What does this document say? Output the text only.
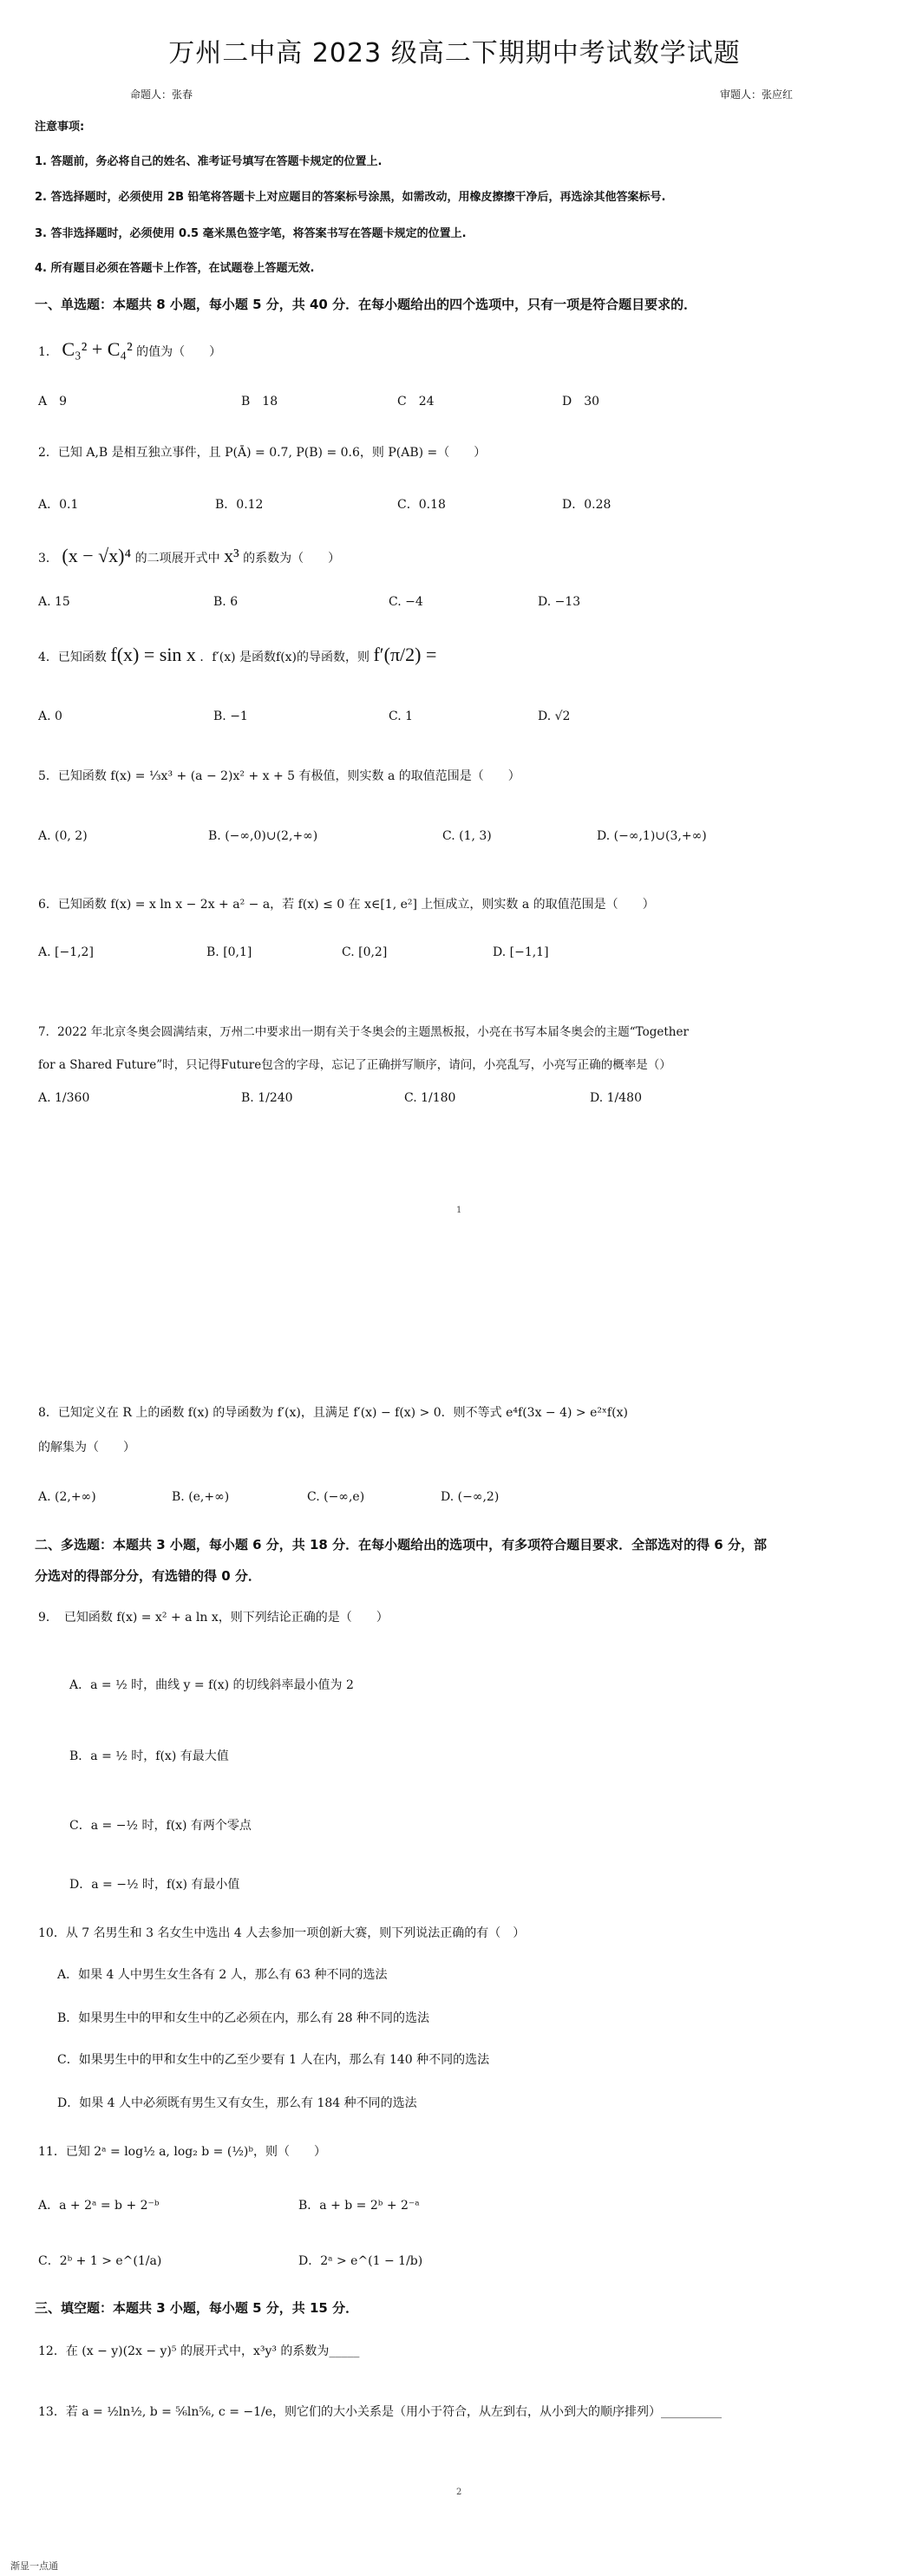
万州二中高 2023 级高二下期期中考试数学试题
命题人：张春	审题人：张应红
注意事项:
1. 答题前，务必将自己的姓名、准考证号填写在答题卡规定的位置上.
2. 答选择题时，必须使用 2B 铅笔将答题卡上对应题目的答案标号涂黑，如需改动，用橡皮擦擦干净后，再选涂其他答案标号.
3. 答非选择题时，必须使用 0.5 毫米黑色签字笔，将答案书写在答题卡规定的位置上.
4. 所有题目必须在答题卡上作答，在试题卷上答题无效.
一、单选题：本题共 8 小题，每小题 5 分，共 40 分．在每小题给出的四个选项中，只有一项是符合题目要求的．
1． C₃² + C₄² 的值为（　　）
A　9	B　18	C　24	D　30
2．已知 A,B 是相互独立事件，且 P(Ā) = 0.7, P(B) = 0.6，则 P(AB) =（　　）
A．0.1	B．0.12	C．0.18	D．0.28
3． (x − √x)⁴ 的二项展开式中 x³ 的系数为（　　）
A. 15	B. 6	C. −4	D. −13
4．已知函数 f(x) = sin x ．f′(x) 是函数f(x)的导函数，则 f′(π/2) =
A. 0	B. −1	C. 1	D. √2
5．已知函数 f(x) = ⅓x³ + (a − 2)x² + x + 5 有极值，则实数 a 的取值范围是（　　）
A. (0, 2)	B. (−∞,0)∪(2,+∞)	C. (1, 3)	D. (−∞,1)∪(3,+∞)
6．已知函数 f(x) = x ln x − 2x + a² − a，若 f(x) ≤ 0 在 x∈[1, e²] 上恒成立，则实数 a 的取值范围是（　　）
A. [−1,2]	B. [0,1]	C. [0,2]	D. [−1,1]
7．2022 年北京冬奥会圆满结束，万州二中要求出一期有关于冬奥会的主题黑板报，小亮在书写本届冬奥会的主题“Together
for a Shared Future”时，只记得Future包含的字母，忘记了正确拼写顺序，请问，小亮乱写，小亮写正确的概率是（）
A. 1/360	B. 1/240	C. 1/180	D. 1/480
1
8．已知定义在 R 上的函数 f(x) 的导函数为 f′(x)，且满足 f′(x) − f(x) > 0．则不等式 e⁴f(3x − 4) > e²ˣf(x)
的解集为（　　）
A. (2,+∞)	B. (e,+∞)	C. (−∞,e)	D. (−∞,2)
二、多选题：本题共 3 小题，每小题 6 分，共 18 分．在每小题给出的选项中，有多项符合题目要求．全部选对的得 6 分，部
分选对的得部分分，有选错的得 0 分．
9．　已知函数 f(x) = x² + a ln x，则下列结论正确的是（　　）
A．a = ½ 时，曲线 y = f(x) 的切线斜率最小值为 2
B．a = ½ 时，f(x) 有最大值
C．a = −½ 时，f(x) 有两个零点
D．a = −½ 时，f(x) 有最小值
10．从 7 名男生和 3 名女生中选出 4 人去参加一项创新大赛，则下列说法正确的有（　）
A．如果 4 人中男生女生各有 2 人，那么有 63 种不同的选法
B．如果男生中的甲和女生中的乙必须在内，那么有 28 种不同的选法
C．如果男生中的甲和女生中的乙至少要有 1 人在内，那么有 140 种不同的选法
D．如果 4 人中必须既有男生又有女生，那么有 184 种不同的选法
11．已知 2ᵃ = log½ a, log₂ b = (½)ᵇ，则（　　）
A．a + 2ᵃ = b + 2⁻ᵇ	B．a + b = 2ᵇ + 2⁻ᵃ
C．2ᵇ + 1 > e^(1/a)	D．2ᵃ > e^(1 − 1/b)
三、填空题：本题共 3 小题，每小题 5 分，共 15 分．
12．在 (x − y)(2x − y)⁵ 的展开式中，x³y³ 的系数为_____
13．若 a = ½ln½, b = ⅚ln⅚, c = −1/e，则它们的大小关系是（用小于符合，从左到右，从小到大的顺序排列）__________
2
渐显一点通
